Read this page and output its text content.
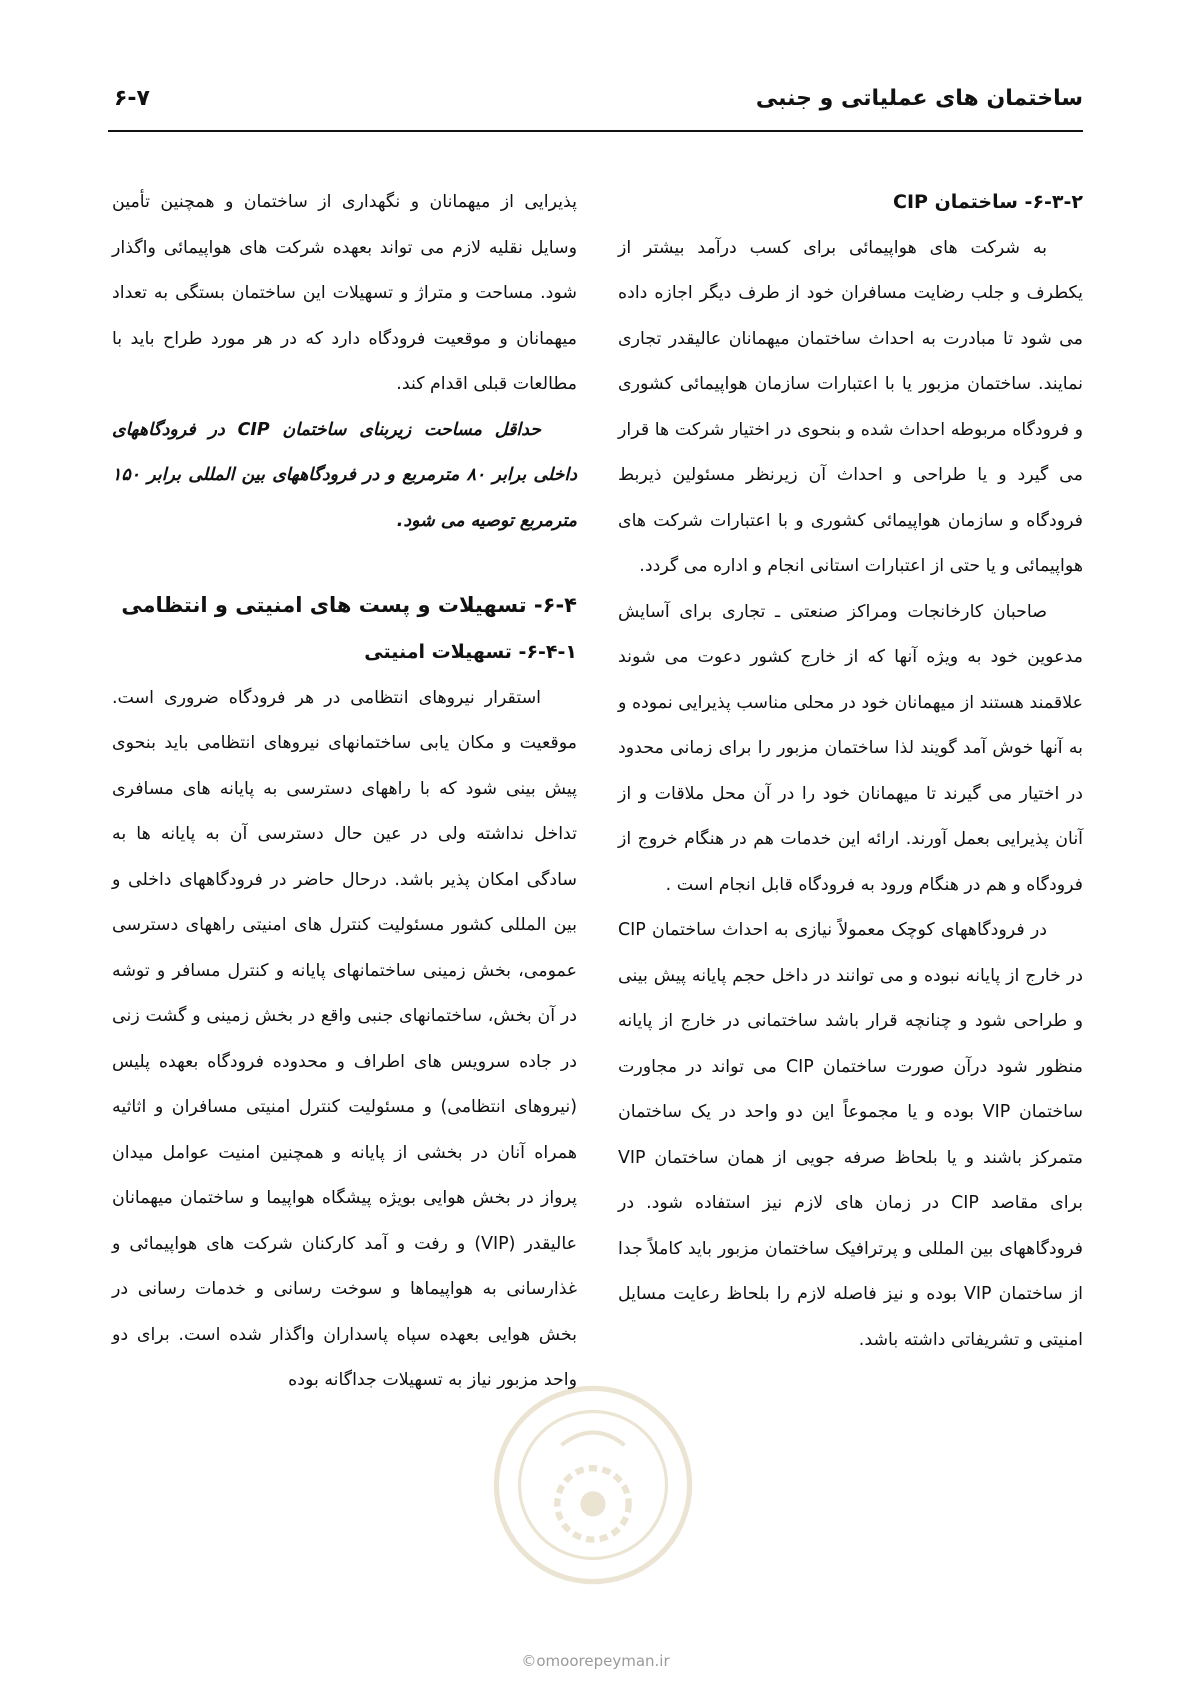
ساختمان های عملیاتی و جنبی
۶-۷
۶-۳-۲- ساختمان CIP

به شرکت های هواپیمائی برای کسب درآمد بیشتر از یکطرف و جلب رضایت مسافران خود از طرف دیگر اجازه داده می شود تا مبادرت به احداث ساختمان میهمانان عالیقدر تجاری نمایند. ساختمان مزبور یا با اعتبارات سازمان هواپیمائی کشوری و فرودگاه مربوطه احداث شده و بنحوی در اختیار شرکت ها قرار می گیرد و یا طراحی و احداث آن زیرنظر مسئولین ذیربط فرودگاه و سازمان هواپیمائی کشوری و با اعتبارات شرکت های هواپیمائی و یا حتی از اعتبارات استانی انجام و اداره می گردد.

صاحبان کارخانجات ومراکز صنعتی ـ تجاری برای آسایش مدعوین خود به ویژه آنها که از خارج کشور دعوت می شوند علاقمند هستند از میهمانان خود در محلی مناسب پذیرایی نموده و به آنها خوش آمد گویند لذا ساختمان مزبور را برای زمانی محدود در اختیار می گیرند تا میهمانان خود را در آن محل ملاقات و از آنان پذیرایی بعمل آورند. ارائه این خدمات هم در هنگام خروج از فرودگاه و هم در هنگام ورود به فرودگاه قابل انجام است .

در فرودگاههای کوچک معمولاً نیازی به احداث ساختمان CIP در خارج از پایانه نبوده و می توانند در داخل حجم پایانه پیش بینی و طراحی شود و چنانچه قرار باشد ساختمانی در خارج از پایانه منظور شود درآن صورت ساختمان CIP می تواند در مجاورت ساختمان VIP بوده و یا مجموعاً این دو واحد در یک ساختمان متمرکز باشند و یا بلحاظ صرفه جویی از همان ساختمان VIP برای مقاصد CIP در زمان های لازم نیز استفاده شود. در فرودگاههای بین المللی و پرترافیک ساختمان مزبور باید کاملاً جدا از ساختمان VIP بوده و نیز فاصله لازم را بلحاظ رعایت مسایل امنیتی و تشریفاتی داشته باشد.

پذیرایی از میهمانان و نگهداری از ساختمان و همچنین تأمین وسایل نقلیه لازم می تواند بعهده شرکت های هواپیمائی واگذار شود. مساحت و متراژ و تسهیلات این ساختمان بستگی به تعداد میهمانان و موقعیت فرودگاه دارد که در هر مورد طراح باید با مطالعات قبلی اقدام کند.

حداقل مساحت زیربنای ساختمان CIP در فرودگاههای داخلی برابر ۸۰ مترمربع و در فرودگاههای بین المللی برابر ۱۵۰ مترمربع توصیه می شود.

۶-۴- تسهیلات و پست های امنیتی و انتظامی
۶-۴-۱- تسهیلات امنیتی

استقرار نیروهای انتظامی در هر فرودگاه ضروری است. موقعیت و مکان یابی ساختمانهای نیروهای انتظامی باید بنحوی پیش بینی شود که با راههای دسترسی به پایانه های مسافری تداخل نداشته ولی در عین حال دسترسی آن به پایانه ها به سادگی امکان پذیر باشد. درحال حاضر در فرودگاههای داخلی و بین المللی کشور مسئولیت کنترل های امنیتی راههای دسترسی عمومی، بخش زمینی ساختمانهای پایانه و کنترل مسافر و توشه در آن بخش، ساختمانهای جنبی واقع در بخش زمینی و گشت زنی در جاده سرویس های اطراف و محدوده فرودگاه بعهده پلیس (نیروهای انتظامی) و مسئولیت کنترل امنیتی مسافران و اثاثیه همراه آنان در بخشی از پایانه و همچنین امنیت عوامل میدان پرواز در بخش هوایی بویژه پیشگاه هواپیما و ساختمان میهمانان عالیقدر (VIP) و رفت و آمد کارکنان شرکت های هواپیمائی و غذارسانی به هواپیماها و سوخت رسانی و خدمات رسانی در بخش هوایی بعهده سپاه پاسداران واگذار شده است. برای دو واحد مزبور نیاز به تسهیلات جداگانه بوده

©omoorepeyman.ir
